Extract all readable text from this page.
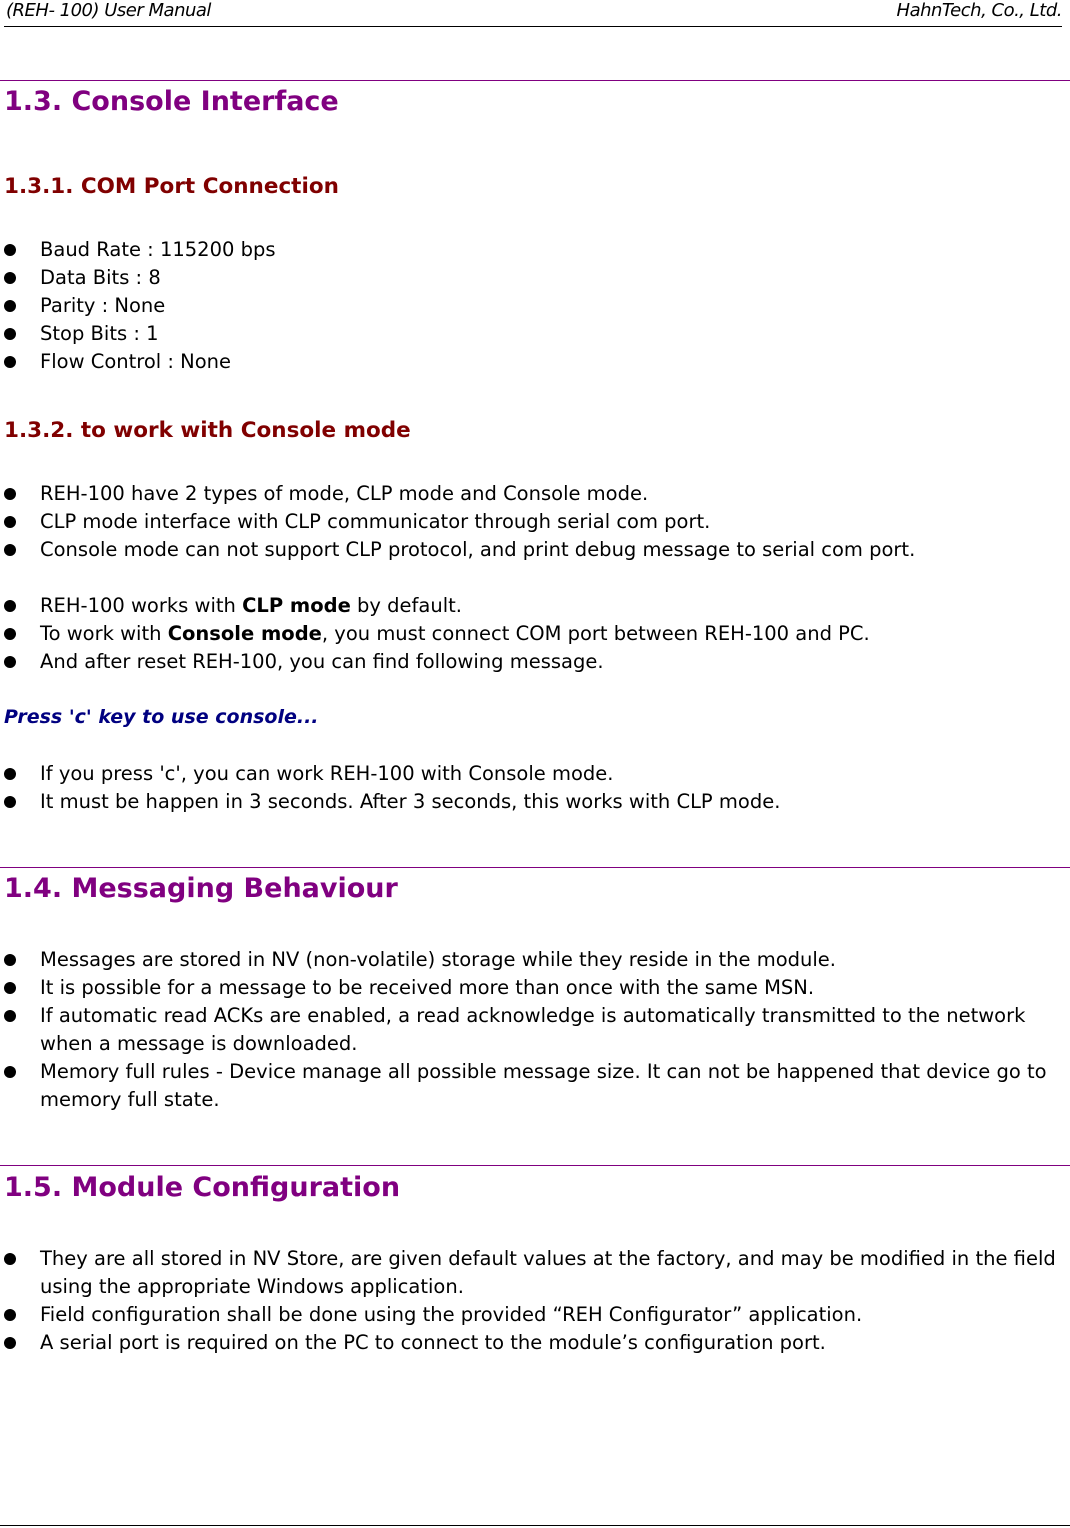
(REH- 100) User Manual	HahnTech, Co., Ltd.
1.3. Console Interface
1.3.1. COM Port Connection
Baud Rate : 115200 bps
Data Bits : 8
Parity : None
Stop Bits : 1
Flow Control : None
1.3.2. to work with Console mode
REH-100 have 2 types of mode, CLP mode and Console mode.
CLP mode interface with CLP communicator through serial com port.
Console mode can not support CLP protocol, and print debug message to serial com port.
REH-100 works with CLP mode by default.
To work with Console mode, you must connect COM port between REH-100 and PC.
And after reset REH-100, you can find following message.
Press 'c' key to use console...
If you press 'c', you can work REH-100 with Console mode.
It must be happen in 3 seconds. After 3 seconds, this works with CLP mode.
1.4. Messaging Behaviour
Messages are stored in NV (non-volatile) storage while they reside in the module.
It is possible for a message to be received more than once with the same MSN.
If automatic read ACKs are enabled, a read acknowledge is automatically transmitted to the network when a message is downloaded.
Memory full rules - Device manage all possible message size. It can not be happened that device go to memory full state.
1.5. Module Configuration
They are all stored in NV Store, are given default values at the factory, and may be modified in the field using the appropriate Windows application.
Field configuration shall be done using the provided “REH Configurator” application.
A serial port is required on the PC to connect to the module’s configuration port.
